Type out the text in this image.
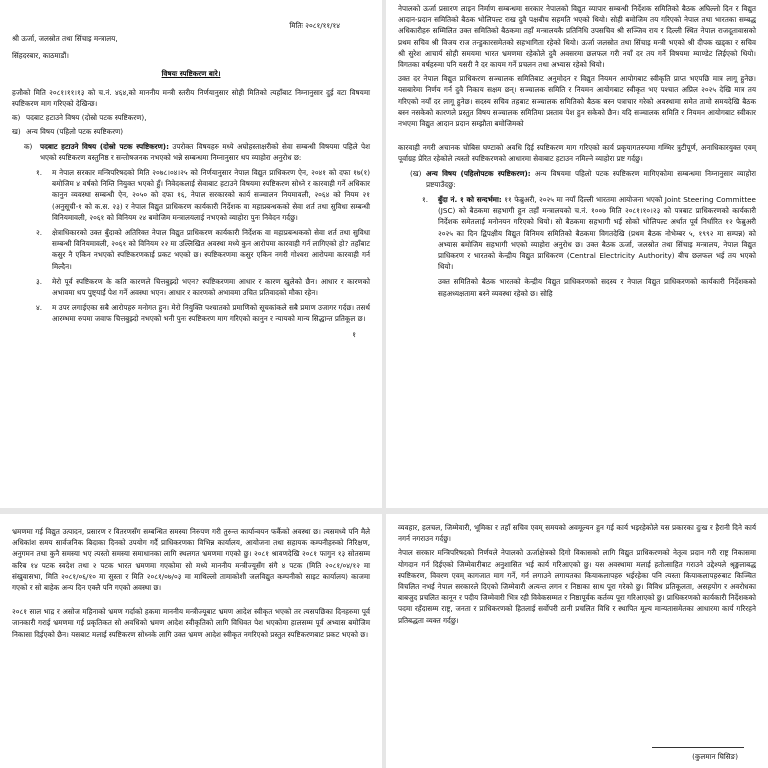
मितिः २०८१/११/१४

श्री ऊर्जा, जलस्रोत तथा सिंचाइ मन्त्रालय,

सिंहदरबार, काठमाडौं।

विषयः स्पष्टिकरण बारे।

हजौको मिति २०८१।११।१३ को च.नं. ४६४,को माननीय मन्त्री स्तरीय निर्णयानुसार सोही मितिको त्यहाँबाट निम्नानुसार दुई वटा विषयमा स्पष्टिकरण माग गरिएको देखिन्छ।

क) पदबाट हटाउने विषय (दोस्रो पटक स्पष्टिकरण),
ख) अन्य विषय (पहिलो पटक स्पष्टिकरण)
क) पदबाट हटाउने विषय (दोस्रो पटक स्पष्टिकरण): उपरोक्त विषयहरु मध्ये अघोहस्ताक्षरीको सेवा सम्बन्धी विषयमा पहिले पेश भएको स्पष्टिकरण वस्तुनिष्ठ र सन्तोषजनक नभएको भन्ने सम्बन्धमा निम्नानुसार थप व्याहोरा अनुरोध छ:

१. म नेपाल सरकार मन्त्रिपरिषदको मिति २०७८।०४।२५ को निर्णयानुसार नेपाल विद्युत प्राधिकरण ऐन, २०४१ को दफा १७(१) बमोजिम ४ वर्षको निम्ति नियुक्त भएको हुँ। निवेदकलाई सेवाबाट हटाउने विषयमा स्पष्टिकरण सोध्ने र कारवाही गर्ने अधिकार कानुन व्यवस्था सम्बन्धी ऐन, २०५० को दफा १६, नेपाल सरकारको कार्य सञ्चालन नियमावली, २०६४ को नियम २१ (अनुसूची-१ को क.स. २३) र नेपाल विद्युत प्राधिकरण कार्यकारी निर्देशक वा महाप्रबन्धकको सेवा शर्त तथा सुविधा सम्बन्धी विनियमावली, २०६१ को विनियम २४ बमोजिम मन्त्रालयलाई नभएको व्याहोरा पुनः निवेदन गर्दछु।

२. क्षेत्राधिकारको उक्त बुँदाको अतिरिक्त नेपाल विद्युत प्राधिकरण कार्यकारी निर्देशक वा महाप्रबन्धकको सेवा शर्त तथा सुविधा सम्बन्धी विनियमावली, २०६१ को विनियम २२ मा उल्लिखित अवस्था मध्ये कुन आरोपमा कारवाही गर्न लागिएको हो? तहाँबाट कसुर नै एकिन नभएको स्पष्टिकरणकाई प्रकट भएको छ। स्पष्टिकरणमा कसुर एकिन नगरी गोश्वरा आरोपमा कारवाही गर्न मिल्दैन।

३. मेरो पूर्व स्पष्टिकरण के कति कारणले चित्तबुझ्दो भएन? स्पष्टिकरणमा आधार र कारण खुलेको छैन। आधार र कारणको अभावमा थप पुष्ट्याईं पेश गर्ने अवस्था भएन। आधार र कारणको अभावमा उचित प्रतिवादको मौका रहेन।

४. म उपर लगाईएका सबै आरोपहरु मनोगत हुन। मेरो नियुक्ति पश्चातको प्रमाणिको सूचकांकले सबै प्रमाण उजागर गर्दछ। तसर्थ आरम्भमा रुपमा जवाफ चित्तबुझ्दो नभएको भनी पुनः स्पष्टिकरण माग गरिएको कानुन र न्यायको मान्य सिद्धान्त प्रतिकूल छ।

१

नेपालको ऊर्जा प्रसारण लाइन निर्माण सम्बन्धमा सरकार नेपालको विद्युत व्यापार सम्बन्धी निर्देशक समितिको बैठक अघिल्लो दिन र विद्युत आदान-प्रदान समितिको बैठक भोलिपल्ट राख दुवै पक्षबीच सहमति भएको थियो। सोही बमोजिम तय गरिएको नेपाल तथा भारतका सम्बद्ध अधिकारीहरु सम्मिलित उक्त समितिको बैठकमा तहाँ मन्त्रालयकै प्रतिनिधि उपसचिव श्री सञ्जिव राय र दिल्ली स्थित नेपाल राजदूतावासको प्रथम सचिव श्री विजय राज तन्डुकारसमेतको सहभागिता रहेको थियो। ऊर्जा जलस्रोत तथा सिंचाइ मन्त्री भएको श्री दीपक खड्का र सचिव श्री सुरेश आचार्य सोही समयमा भारत भ्रमणमा रहेकोले दुवै अवसरमा छलफल गरी नयाँ दर तय गर्ने विषयमा म्याण्डेट लिईएको थियो। विगतका वर्षहरुमा पनि यसरी नै दर कायम गर्ने प्रचलन तथा अभ्यास रहेको थियो।

उक्त दर नेपाल विद्युत प्राधिकरण सञ्चालक समितिबाट अनुमोदन र विद्युत नियमन आयोगबाट स्वीकृति प्राप्त भएपछि मात्र लागू हुनेछ। यसबारेमा निर्णय गर्न दुवै निकाय सक्षम छन्। सञ्चालक समिति र नियमन आयोगबाट स्वीकृत भए पश्चात अप्रिल २०२५ देखि मात्र तय गरिएको नयाँ दर लागू हुनेछ। सदस्य सचिव तहबाट सञ्चालक समितिको बैठक बस्न पत्राचार गरेको अवस्थामा समेत तामो समयदेखि बैठक बस्न नसकेको कारणले प्रस्तुत विषय सञ्चालक समितिमा प्रस्ताव पेश हुन सकेको छैन। यदि सञ्चालक समिति र नियमन आयोगबाट स्वीकार नभएमा विद्युत आदान प्रदान सम्झौता बमोजिमको

कारवाही नगरी अचानक चोबिस घण्टाको अवधि दिई स्पष्टिकरण माग गरिएको कार्य प्रकृयागतरुपमा गम्भिर त्रुटीपूर्ण, अनाधिकारयुक्त एवम् पूर्वाग्रह प्रेरित रहेकोले त्यस्तो स्पष्टिकरणको आधारमा सेवाबाट हटाउन नमिल्ने व्याहोरा प्रष्ट गर्दछु।

(ख) अन्य विषय (पहिलोपटक स्पष्टिकरण): अन्य विषयमा पहिलो पटक स्पष्टिकरण मागिएकोमा सम्बन्धमा निम्नानुसार व्याहोरा प्रष्टयाउँदछु:

१. बुँदा नं. १ को सन्दर्भमा: ११ फेब्रुअरी, २०२५ मा नयाँ दिल्ली भारतमा आयोजना भएको Joint Steering Committee (JSC) को बैठकमा सहभागी हुन तहाँ मन्त्रालयको च.नं. १००७ मिति २०८१।१०।२३ को पत्रबाट प्राधिकरणको कार्यकारी निर्देशक समेतलाई मनोनयन गरिएको थियो। सो बैठकमा सहभागी भई सोको भोलिपल्ट अर्थात पूर्व निर्धारित १२ फेब्रुअरी २०२५ का दिन द्विपक्षीय विद्युत विनिमय समितिको बैठकमा विगतदेखि (प्रथम बैठक नोभेम्बर ५, १९९२ मा सम्पन्न) को अभ्यास बमोजिम सहभागी भएको व्याहोरा अनुरोध छ। उक्त बैठक ऊर्जा, जलस्रोत तथा सिंचाइ मन्त्रालय, नेपाल विद्युत प्राधिकरण र भारतको केन्द्रीय विद्युत प्राधिकरण (Central Electricity Authority) बीच छलफल भई तय भएको थियो।

उक्त समितिको बैठक भारतको केन्द्रीय विद्युत प्राधिकरणको सदस्य र नेपाल विद्युत प्राधिकरणको कार्यकारी निर्देशकको सहअध्यक्षतामा बस्ने व्यवस्था रहेको छ। सोहि

भ्रमणमा गई विद्युत उत्पादन, प्रसारण र वितरणसँग सम्बन्धित समस्या निरुपण गरी तुरुन्त कार्यान्वयन फर्कैको अवस्था छ। त्यसमध्ये पनि मैले अधिकांश समय सार्वजनिक बिदाका दिनको उपयोग गर्दै प्राधिकरणका विभिन्न कार्यालय, आयोजना तथा सहायक कम्पनीहरुको निरिक्षण, अनुगमन तथा कुनै समस्या भए त्यस्तो समस्या समाधानका लागि स्थलगत भ्रमणमा गएको छु। २०८१ श्रावणदेखि २०८१ फागुन १३ सोतसम्म करिब १४ पटक स्वदेश तथा २ पटक भारत भ्रमणमा गएकोमा सो मध्ये माननीय मन्त्रीज्यूसँग संगै ४ पटक (मिति २०८१/०४/१२ मा संखुवासभा, मिति २०८१/०६/१० मा सुस्ता र मिति २०८१/०७/०३ मा माथिल्लो तामाकोशी जलविद्युत कम्पनीको साइट कार्यालय) काजमा गएको र सो बाहेक अन्य दिन एक्लै पनि गएको अवस्था छ।

२०८१ साल भाद्र र असोज महिनाको भ्रमण गर्दाको हकमा माननीय मन्त्रीज्यूबाट भ्रमण आदेश स्वीकृत भएको तर त्यसपछिका दिनहरुमा पूर्व जानकारी गराई भ्रमणमा गई प्रकृतिकत सो अवधिको भ्रमण आदेश स्वीकृतिको लागि विधिवत पेश भएकोमा हालसम्म पूर्व अभ्यास बमोजिम निकासा दिईएको छैन। यसबाट मलाई स्पष्टिकरण सोध्नके लागि उक्त भ्रमण आदेश स्वीकृत नगरिएको प्रस्तुत स्पष्टिकरणबाट प्रकट भएको छ।

व्यवहार, हलचल, जिम्मेवारी, भूमिका र तहाँ सचिव एवम् समयको अवमूल्यन हुन गई कार्य भइरहेकोले यस प्रकारका दुःख र हैरानी दिने कार्य नगर्न नगराउन गर्दछु।

नेपाल सरकार मन्त्रिपरिषदको निर्णयले नेपालको ऊर्जाक्षेत्रको दिगो विकासको लागि विद्युत प्राधिकरणको नेतृत्व प्रदान गरी राष्ट्र निकासमा योगदान गर्न दिईएको जिम्मेवारीबाट अनुशासित भई कार्य गरिआएको छु। यस अवस्थामा मलाई हतोत्साहित गराउने उद्देश्यले श्रृङ्खलाबद्ध स्पष्टिकरण, विवरण एवम् कागजात माग गर्ने, गर्न लगाउने लगायतका कियाकलापहरु भईरहेका पनि त्यस्ता कियाकलापहरुबाट किञ्चित विचलित नभई नेपाल सरकारले दिएको जिम्मेवारी अत्यन्त लगन र निष्ठाका साथ पूरा गरेको छु। विविध प्रतिकूलता, असहयोग र अवरोधका बाबजुद प्रचलित कानून र पदीय जिम्मेवारी भित्र रही विवेकसम्मत र निष्ठापूर्वक कर्तव्य पूरा गरिआएको छु। प्राधिकरणको कार्यकारी निर्देशकको पदमा रहँदासम्म राष्ट्र, जनता र प्राधिकरणको हितलाई सर्वोपरी ठानी प्रचलित विधि र स्थापित मूल्य मान्यतासमेतका आधारमा कार्य गरिरहने प्रतिबद्धता व्यक्त गर्दछु।

(कुलमान घिसिङ)
